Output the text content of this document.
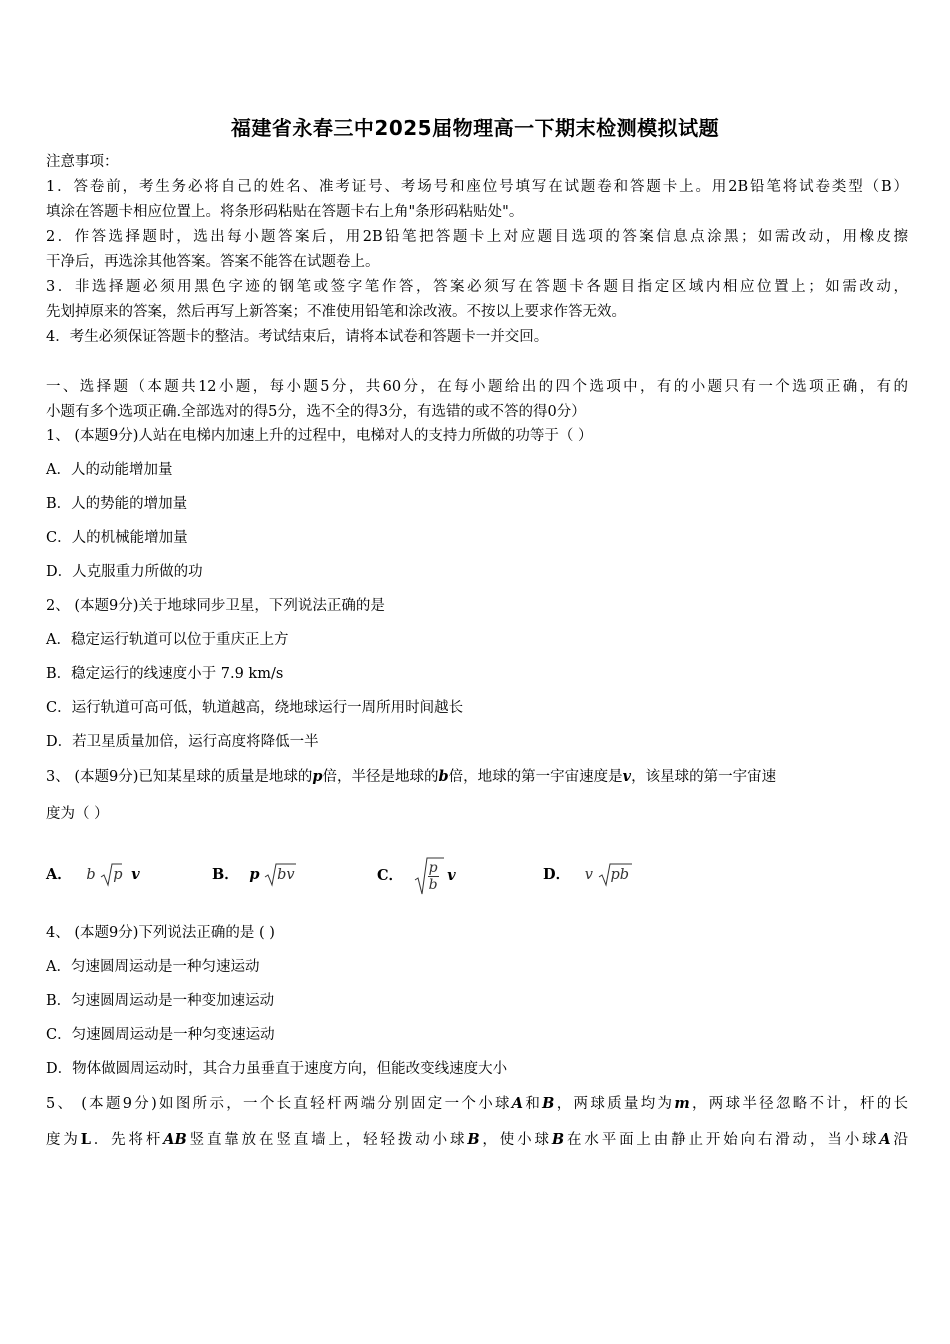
福建省永春三中2025届物理高一下期末检测模拟试题
注意事项：
1．答卷前，考生务必将自己的姓名、准考证号、考场号和座位号填写在试题卷和答题卡上。用2B铅笔将试卷类型（B）
填涂在答题卡相应位置上。将条形码粘贴在答题卡右上角"条形码粘贴处"。
2．作答选择题时，选出每小题答案后，用2B铅笔把答题卡上对应题目选项的答案信息点涂黑；如需改动，用橡皮擦
干净后，再选涂其他答案。答案不能答在试题卷上。
3．非选择题必须用黑色字迹的钢笔或签字笔作答，答案必须写在答题卡各题目指定区域内相应位置上；如需改动，
先划掉原来的答案，然后再写上新答案；不准使用铅笔和涂改液。不按以上要求作答无效。
4．考生必须保证答题卡的整洁。考试结束后，请将本试卷和答题卡一并交回。
一、选择题（本题共12小题，每小题5分，共60分，在每小题给出的四个选项中，有的小题只有一个选项正确，有的
小题有多个选项正确.全部选对的得5分，选不全的得3分，有选错的或不答的得0分）
1、 (本题9分)人站在电梯内加速上升的过程中，电梯对人的支持力所做的功等于（ ）
A．人的动能增加量
B．人的势能的增加量
C．人的机械能增加量
D．人克服重力所做的功
2、 (本题9分)关于地球同步卫星，下列说法正确的是
A．稳定运行轨道可以位于重庆正上方
B．稳定运行的线速度小于 7.9 km/s
C．运行轨道可高可低，轨道越高，绕地球运行一周所用时间越长
D．若卫星质量加倍，运行高度将降低一半
3、 (本题9分)已知某星球的质量是地球的p倍，半径是地球的b倍，地球的第一宇宙速度是v，该星球的第一宇宙速
度为（ ）
A． b p v	B． p bv	C． $\frac{p}{b}$ v	D． v pb
4、 (本题9分)下列说法正确的是 ( )
A．匀速圆周运动是一种匀速运动
B．匀速圆周运动是一种变加速运动
C．匀速圆周运动是一种匀变速运动
D．物体做圆周运动时，其合力虽垂直于速度方向，但能改变线速度大小
5、 (本题9分)如图所示，一个长直轻杆两端分别固定一个小球A和B，两球质量均为m，两球半径忽略不计，杆的长
度为L．先将杆AB竖直靠放在竖直墙上，轻轻拨动小球B，使小球B在水平面上由静止开始向右滑动，当小球A沿
